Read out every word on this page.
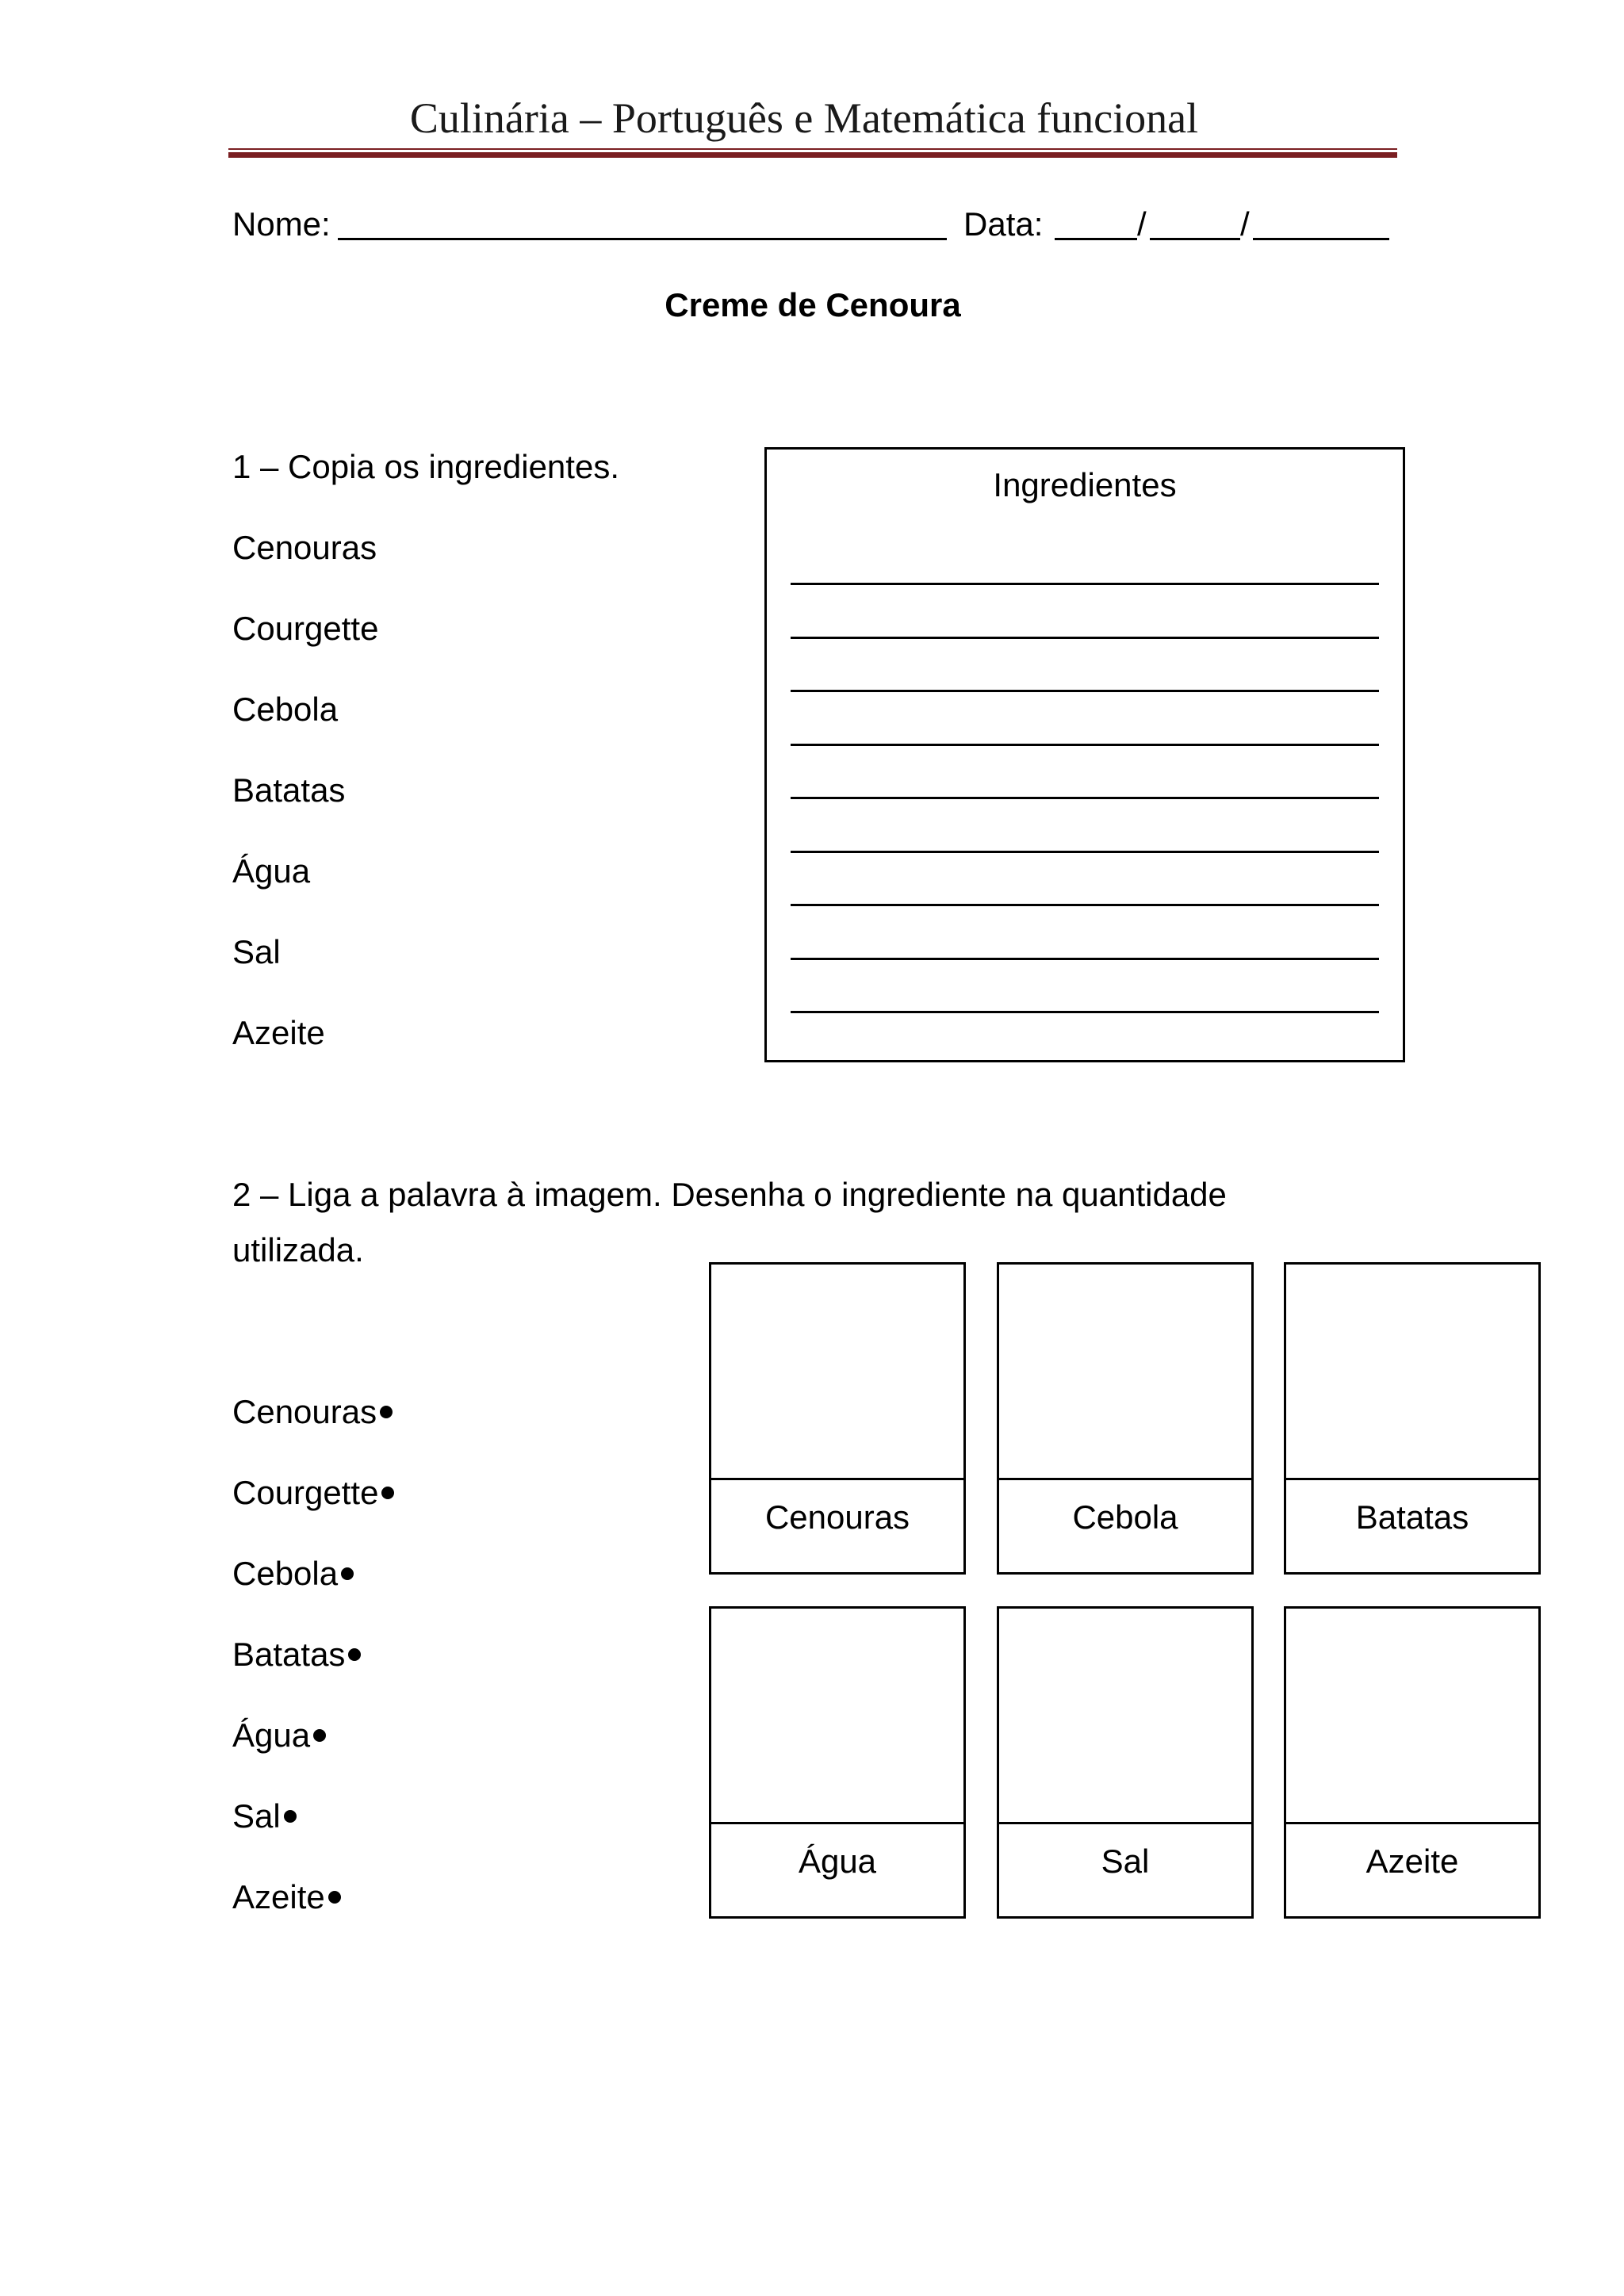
Culinária – Português e Matemática funcional
Nome:	Data:	/	/
Creme de Cenoura
1 – Copia os ingredientes.
Cenouras
Courgette
Cebola
Batatas
Água
Sal
Azeite
Ingredientes
2 – Liga a palavra à imagem. Desenha o ingrediente na quantidade
utilizada.
Cenouras
Courgette
Cebola
Batatas
Água
Sal
Azeite
Cenouras	Cebola	Batatas
Água	Sal	Azeite
